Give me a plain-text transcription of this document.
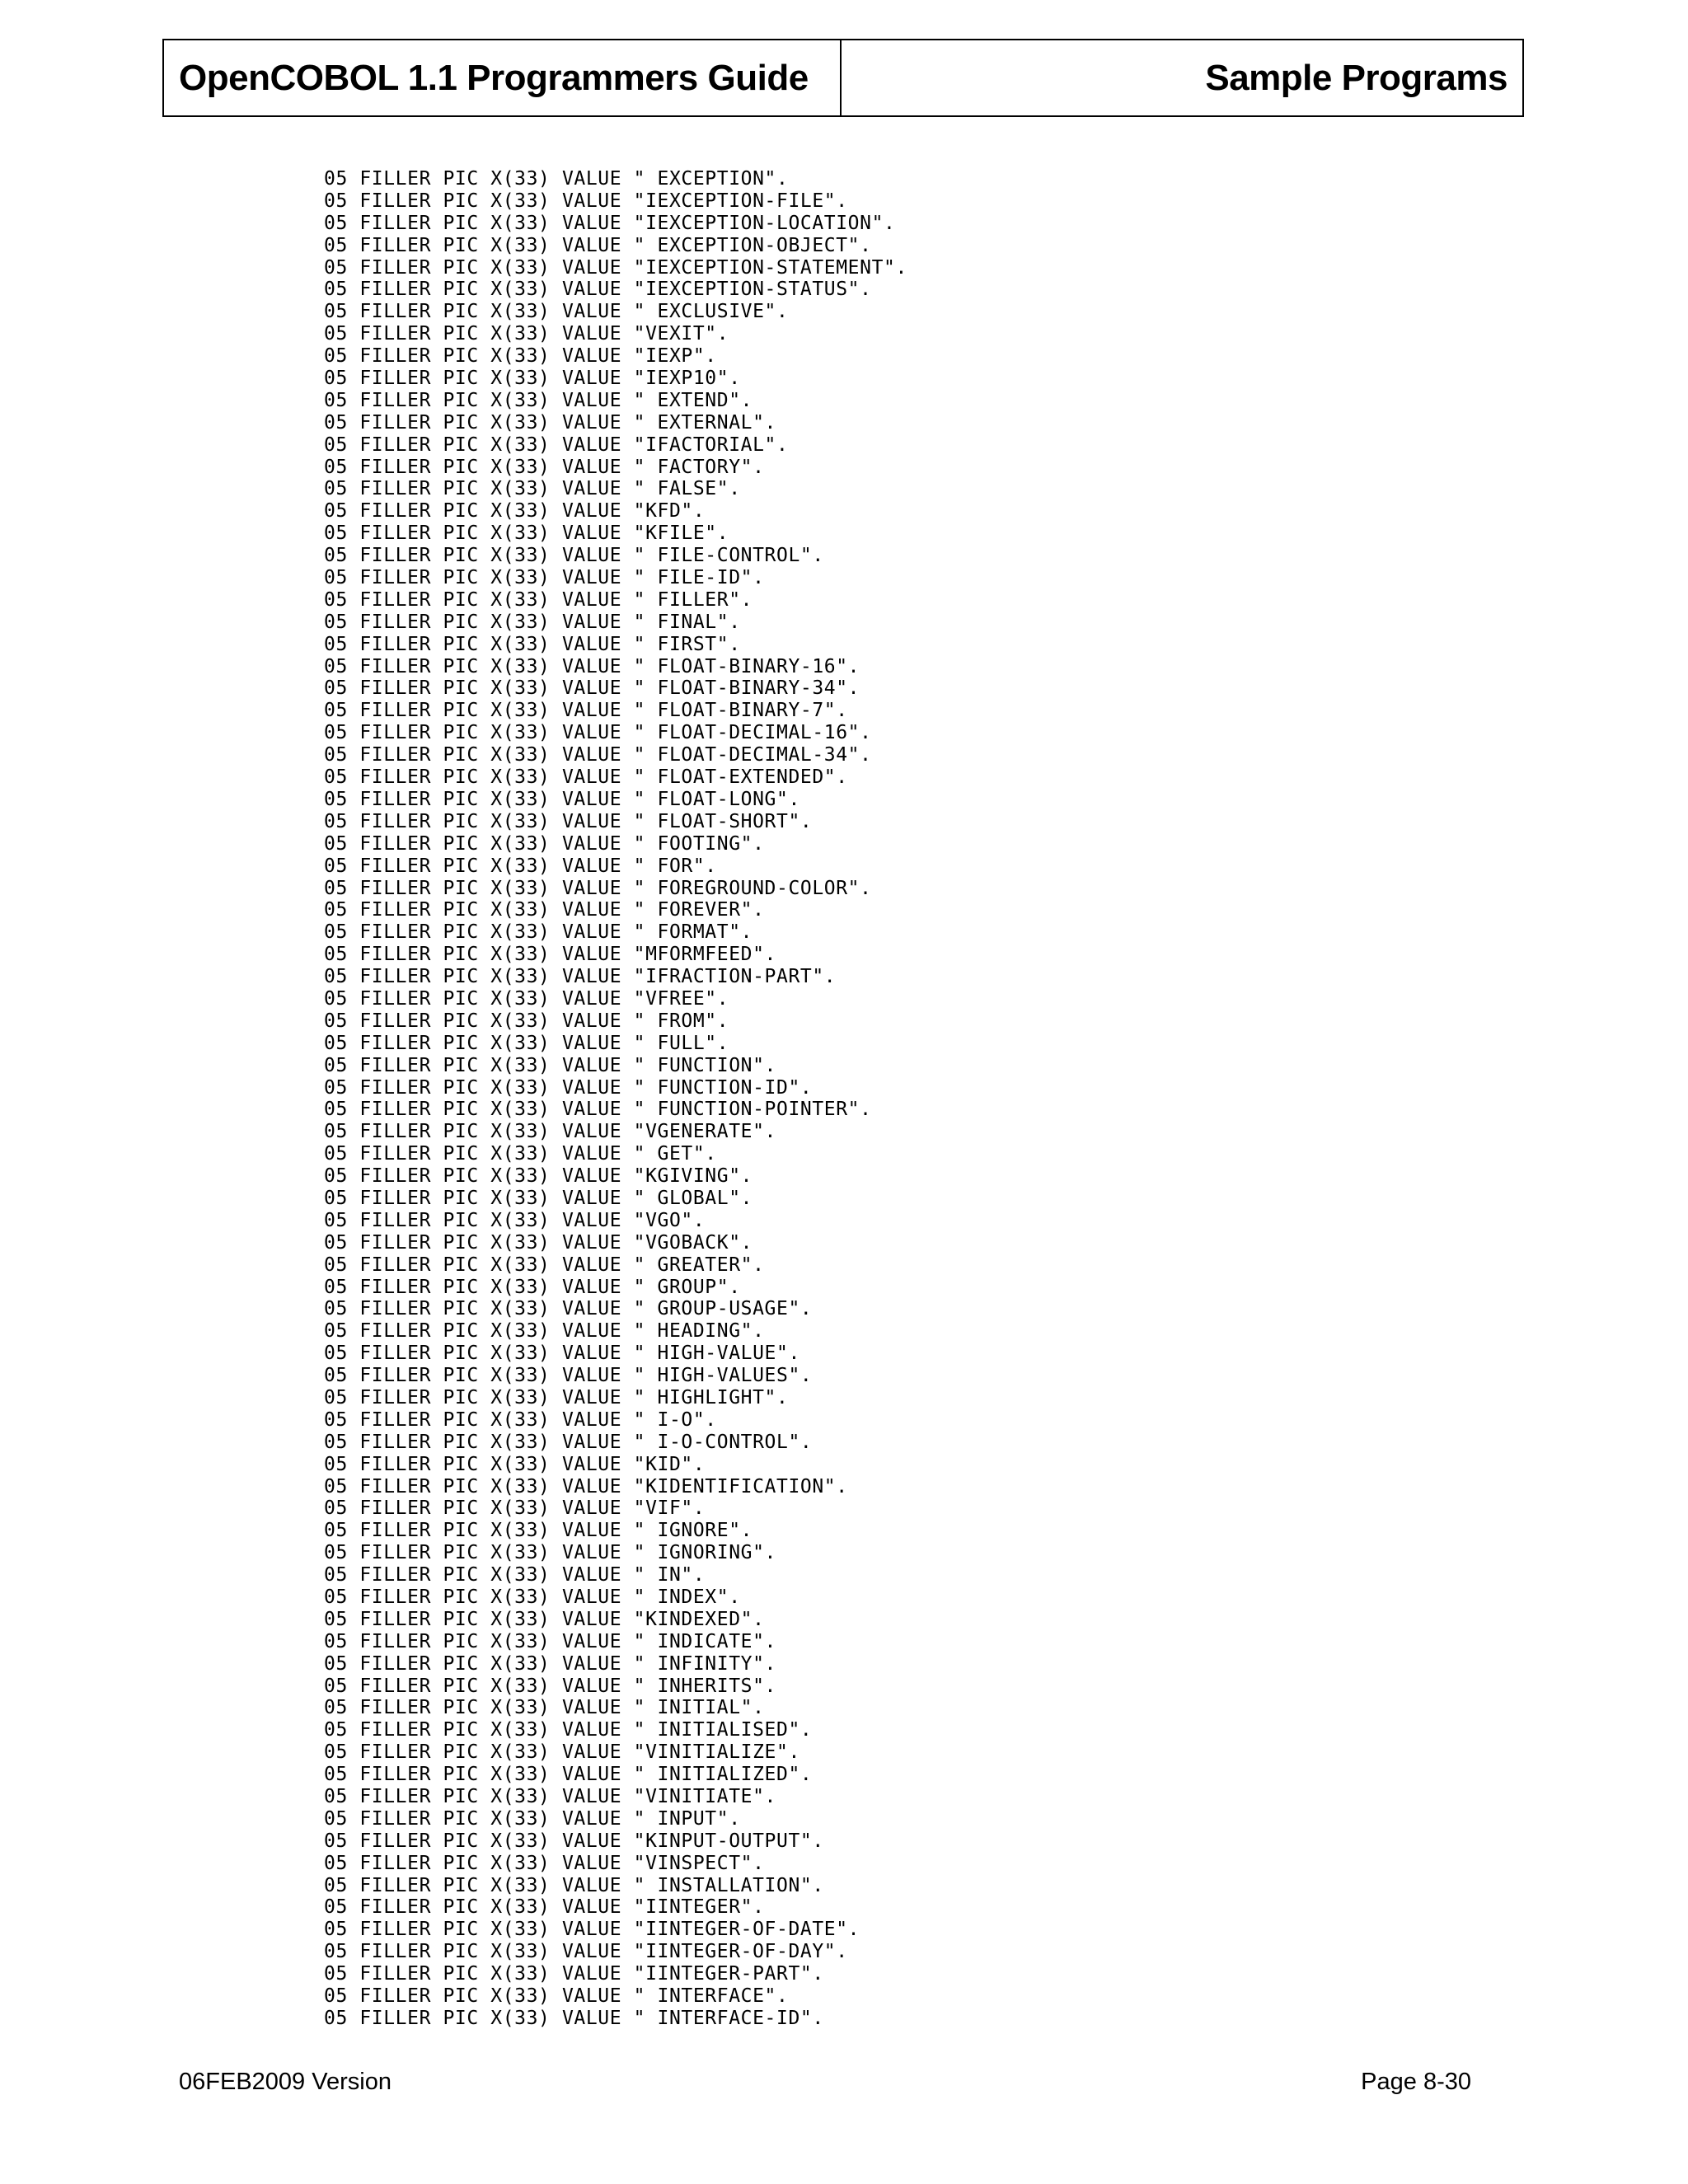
OpenCOBOL 1.1 Programmers Guide	Sample Programs
05 FILLER PIC X(33) VALUE " EXCEPTION".
05 FILLER PIC X(33) VALUE "IEXCEPTION-FILE".
05 FILLER PIC X(33) VALUE "IEXCEPTION-LOCATION".
05 FILLER PIC X(33) VALUE " EXCEPTION-OBJECT".
05 FILLER PIC X(33) VALUE "IEXCEPTION-STATEMENT".
05 FILLER PIC X(33) VALUE "IEXCEPTION-STATUS".
05 FILLER PIC X(33) VALUE " EXCLUSIVE".
05 FILLER PIC X(33) VALUE "VEXIT".
05 FILLER PIC X(33) VALUE "IEXP".
05 FILLER PIC X(33) VALUE "IEXP10".
05 FILLER PIC X(33) VALUE " EXTEND".
05 FILLER PIC X(33) VALUE " EXTERNAL".
05 FILLER PIC X(33) VALUE "IFACTORIAL".
05 FILLER PIC X(33) VALUE " FACTORY".
05 FILLER PIC X(33) VALUE " FALSE".
05 FILLER PIC X(33) VALUE "KFD".
05 FILLER PIC X(33) VALUE "KFILE".
05 FILLER PIC X(33) VALUE " FILE-CONTROL".
05 FILLER PIC X(33) VALUE " FILE-ID".
05 FILLER PIC X(33) VALUE " FILLER".
05 FILLER PIC X(33) VALUE " FINAL".
05 FILLER PIC X(33) VALUE " FIRST".
05 FILLER PIC X(33) VALUE " FLOAT-BINARY-16".
05 FILLER PIC X(33) VALUE " FLOAT-BINARY-34".
05 FILLER PIC X(33) VALUE " FLOAT-BINARY-7".
05 FILLER PIC X(33) VALUE " FLOAT-DECIMAL-16".
05 FILLER PIC X(33) VALUE " FLOAT-DECIMAL-34".
05 FILLER PIC X(33) VALUE " FLOAT-EXTENDED".
05 FILLER PIC X(33) VALUE " FLOAT-LONG".
05 FILLER PIC X(33) VALUE " FLOAT-SHORT".
05 FILLER PIC X(33) VALUE " FOOTING".
05 FILLER PIC X(33) VALUE " FOR".
05 FILLER PIC X(33) VALUE " FOREGROUND-COLOR".
05 FILLER PIC X(33) VALUE " FOREVER".
05 FILLER PIC X(33) VALUE " FORMAT".
05 FILLER PIC X(33) VALUE "MFORMFEED".
05 FILLER PIC X(33) VALUE "IFRACTION-PART".
05 FILLER PIC X(33) VALUE "VFREE".
05 FILLER PIC X(33) VALUE " FROM".
05 FILLER PIC X(33) VALUE " FULL".
05 FILLER PIC X(33) VALUE " FUNCTION".
05 FILLER PIC X(33) VALUE " FUNCTION-ID".
05 FILLER PIC X(33) VALUE " FUNCTION-POINTER".
05 FILLER PIC X(33) VALUE "VGENERATE".
05 FILLER PIC X(33) VALUE " GET".
05 FILLER PIC X(33) VALUE "KGIVING".
05 FILLER PIC X(33) VALUE " GLOBAL".
05 FILLER PIC X(33) VALUE "VGO".
05 FILLER PIC X(33) VALUE "VGOBACK".
05 FILLER PIC X(33) VALUE " GREATER".
05 FILLER PIC X(33) VALUE " GROUP".
05 FILLER PIC X(33) VALUE " GROUP-USAGE".
05 FILLER PIC X(33) VALUE " HEADING".
05 FILLER PIC X(33) VALUE " HIGH-VALUE".
05 FILLER PIC X(33) VALUE " HIGH-VALUES".
05 FILLER PIC X(33) VALUE " HIGHLIGHT".
05 FILLER PIC X(33) VALUE " I-O".
05 FILLER PIC X(33) VALUE " I-O-CONTROL".
05 FILLER PIC X(33) VALUE "KID".
05 FILLER PIC X(33) VALUE "KIDENTIFICATION".
05 FILLER PIC X(33) VALUE "VIF".
05 FILLER PIC X(33) VALUE " IGNORE".
05 FILLER PIC X(33) VALUE " IGNORING".
05 FILLER PIC X(33) VALUE " IN".
05 FILLER PIC X(33) VALUE " INDEX".
05 FILLER PIC X(33) VALUE "KINDEXED".
05 FILLER PIC X(33) VALUE " INDICATE".
05 FILLER PIC X(33) VALUE " INFINITY".
05 FILLER PIC X(33) VALUE " INHERITS".
05 FILLER PIC X(33) VALUE " INITIAL".
05 FILLER PIC X(33) VALUE " INITIALISED".
05 FILLER PIC X(33) VALUE "VINITIALIZE".
05 FILLER PIC X(33) VALUE " INITIALIZED".
05 FILLER PIC X(33) VALUE "VINITIATE".
05 FILLER PIC X(33) VALUE " INPUT".
05 FILLER PIC X(33) VALUE "KINPUT-OUTPUT".
05 FILLER PIC X(33) VALUE "VINSPECT".
05 FILLER PIC X(33) VALUE " INSTALLATION".
05 FILLER PIC X(33) VALUE "IINTEGER".
05 FILLER PIC X(33) VALUE "IINTEGER-OF-DATE".
05 FILLER PIC X(33) VALUE "IINTEGER-OF-DAY".
05 FILLER PIC X(33) VALUE "IINTEGER-PART".
05 FILLER PIC X(33) VALUE " INTERFACE".
05 FILLER PIC X(33) VALUE " INTERFACE-ID".
06FEB2009 Version	Page 8-30
